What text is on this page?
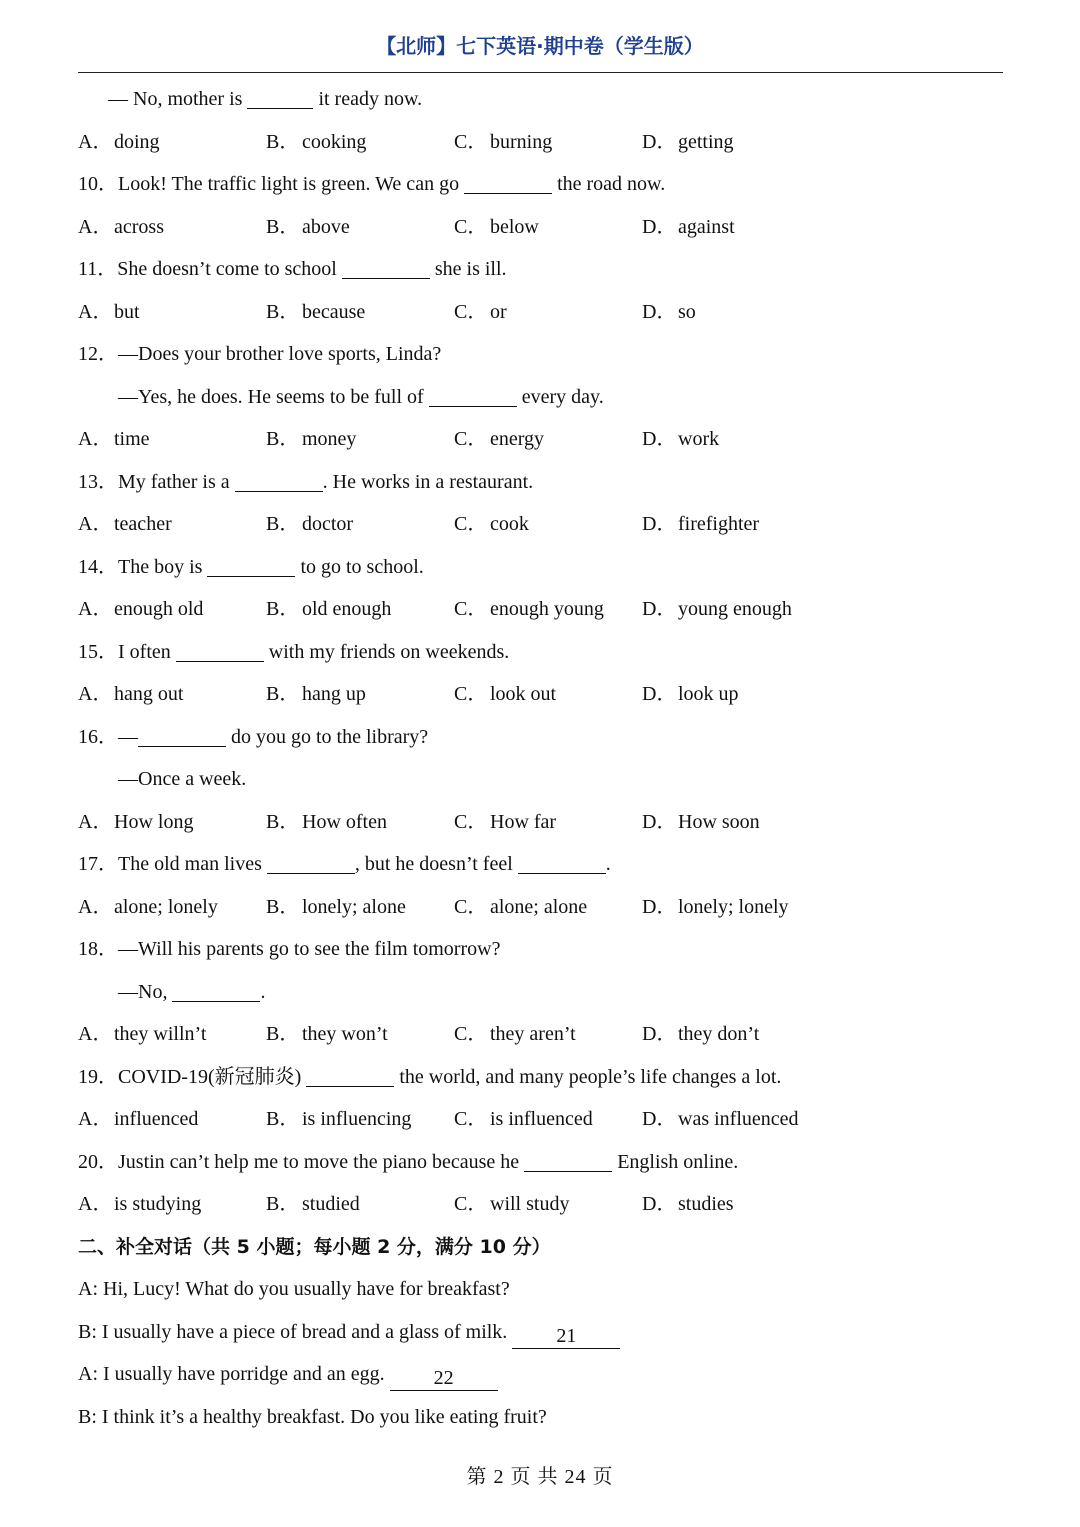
【北师】七下英语·期中卷（学生版）
— No, mother is	it ready now.
A．doing	B． cooking	C． burning	D．getting
10．Look! The traffic light is green. We can go	the road now.
A．across	B． above	C． below	D．against
11．She doesn’t come to school	she is ill.
A．but	B． because	C． or	D．so
12．—Does your brother love sports, Linda?
—Yes, he does. He seems to be full of	every day.
A．time	B． money	C． energy	D．work
13．My father is a	. He works in a restaurant.
A．teacher	B． doctor	C． cook	D．firefighter
14．The boy is	to go to school.
A．enough old	B． old enough	C． enough young D．young enough
15．I often	with my friends on weekends.
A．hang out	B． hang up	C． look out	D．look up
16．—	do you go to the library?
—Once a week.
A．How long	B． How often	C． How far	D．How soon
17．The old man lives	, but he doesn’t feel	.
A．alone; lonely B． lonely; alone C． alone; alone	D．lonely; lonely
18．—Will his parents go to see the film tomorrow?
—No,	.
A．they willn’t	B． they won’t	C． they aren’t	D．they don’t
19．COVID-19(新冠肺炎)	the world, and many people’s life changes a lot.
A．influenced	B． is influencing C． is influenced D．was influenced
20．Justin can’t help me to move the piano because he	English online.
A．is studying	B． studied	C． will study	D．studies
二、补全对话（共 5 小题；每小题 2 分，满分 10 分）
A: Hi, Lucy! What do you usually have for breakfast?
B: I usually have a piece of bread and a glass of milk. 21
A: I usually have porridge and an egg. 22
B: I think it’s a healthy breakfast. Do you like eating fruit?
第 2 页 共 24 页
